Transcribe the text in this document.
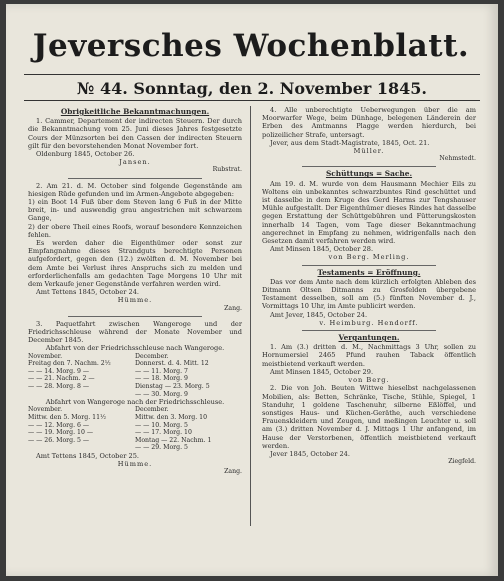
Jeversches Wochenblatt.
№ 44. Sonntag, den 2. November 1845.
Obrigkeitliche Bekanntmachungen.

1. Cammer, Departement der indirecten Steuern. Der durch die Bekanntmachung vom 25. Juni dieses Jahres festgesetzte Cours der Münzsorten bei den Cassen der indirecten Steuern gilt für den bevorstehenden Monat November fort.

Oldenburg 1845, October 26.

Jansen.
Rubstrat.

2. Am 21. d. M. October sind folgende Gegenstände am hiesigen Rüde gefunden und im Armen-Angebote abgegeben:

1) ein Boot 14 Fuß über dem Steven lang 6 Fuß in der Mitte breit, in- und auswendig grau angestrichen mit schwarzem Gange,

2) der obere Theil eines Roofs, worauf besondere Kennzeichen fehlen.

Es werden daher die Eigenthümer oder sonst zur Empfangnahme dieses Strandguts berechtigte Personen aufgefordert, gegen den (12.) zwölften d. M. November bei dem Amte bei Verlust ihres Anspruchs sich zu melden und erforderlichenfalls am gedachten Tage Morgens 10 Uhr mit dem Verkaufe jener Gegenstände verfahren werden wird.

Amt Tettens 1845, October 24.

Hümme.
Zang.

3. Paquetfahrt zwischen Wangeroge und der Friedrichsschleuse während der Monate November und December 1845.

Abfahrt von der Friedrichsschleuse nach Wangeroge.
November.	December.
Freitag den 7. Nachm. 2½	Donnerst. d. 4. Mitt. 12
— — 14. Morg. 9 —	— — 11. Morg. 7
— — 21. Nachm. 2 —	— — 18. Morg. 9
— — 28. Morg. 8 —	Dienstag — 23. Morg. 5
— — 30. Morg. 9
Abfahrt von Wangeroge nach der Friedrichsschleuse.
November.	December.
Mittw. den 5. Morg. 11½	Mittw. den 3. Morg. 10
— — 12. Morg. 6 —	— — 10. Morg. 5
— — 19. Morg. 10 —	— — 17. Morg. 10
— — 26. Morg. 5 —	Montag — 22. Nachm. 1
— — 29. Morg. 5

Amt Tettens 1845, October 25.

Hümme.
Zang.

4. Alle unberechtigte Ueberwegungen über die am Moorwarfer Wege, beim Dünhage, belegenen Länderein der Erben des Amtmanns Plagge werden hierdurch, bei polizeilicher Strafe, untersagt.

Jever, aus dem Stadt-Magistrate, 1845, Oct. 21.

Müller.
Nehmstedt.
Schüttungs = Sache.

Am 19. d. M. wurde von dem Hausmann Mechier Eils zu Woltens ein unbekanntes schwarzbuntes Rind geschüttet und ist dasselbe in dem Kruge des Gerd Harms zur Tengshauser Mühle aufgestallt. Der Eigenthümer dieses Rindes hat dasselbe gegen Erstattung der Schüttgebühren und Fütterungskosten innerhalb 14 Tagen, vom Tage dieser Bekanntmachung angerechnet in Empfang zu nehmen, widrigenfalls nach den Gesetzen damit verfahren werden wird.

Amt Minsen 1845, October 28.

von Berg. Merling.
Testaments = Eröffnung.

Das vor dem Amte nach dem kürzlich erfolgten Ableben des Ditmann Oltsen Ditmanns zu Grosfelden übergebene Testament desselben, soll am (5.) fünften November d. J., Vormittags 10 Uhr, im Amte publicirt werden.

Amt Jever, 1845, October 24.

v. Heimburg. Hendorff.
Vergantungen.

1. Am (3.) dritten d. M., Nachmittags 3 Uhr, sollen zu Hornumersiel 2465 Pfund rauhen Taback öffentlich meistbietend verkauft werden.

Amt Minsen 1845, October 29.

von Berg.

2. Die von Joh. Beuten Wittwe hieselbst nachgelassenen Mobilien, als: Betten, Schränke, Tische, Stühle, Spiegel, 1 Standuhr, 1 goldene Taschenuhr, silberne Eßlöffel, und sonstiges Haus- und Küchen-Geräthe, auch verschiedene Frauenskleidern und Zeugen, und meßingen Leuchter u. soll am (3.) dritten November d. J. Mittags 1 Uhr anfangend, im Hause der Verstorbenen, öffentlich meistbietend verkauft werden.

Jever 1845, October 24.

Ziegfeld.
